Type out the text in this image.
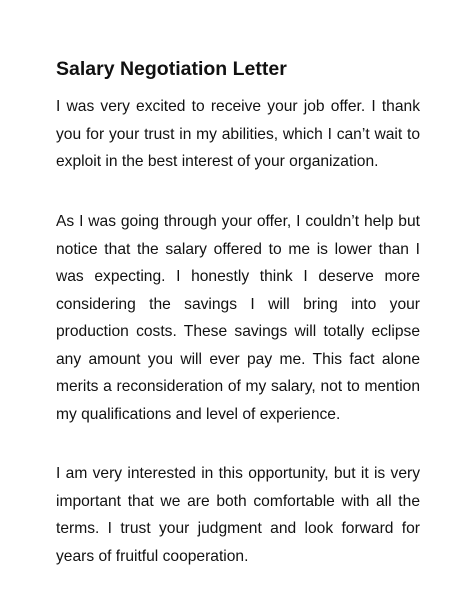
Salary Negotiation Letter

I was very excited to receive your job offer. I thank you for your trust in my abilities, which I can’t wait to exploit in the best interest of your organization.

As I was going through your offer, I couldn’t help but notice that the salary offered to me is lower than I was expecting. I honestly think I deserve more considering the savings I will bring into your production costs. These savings will totally eclipse any amount you will ever pay me. This fact alone merits a reconsideration of my salary, not to mention my qualifications and level of experience.

I am very interested in this opportunity, but it is very important that we are both comfortable with all the terms. I trust your judgment and look forward for years of fruitful cooperation.
